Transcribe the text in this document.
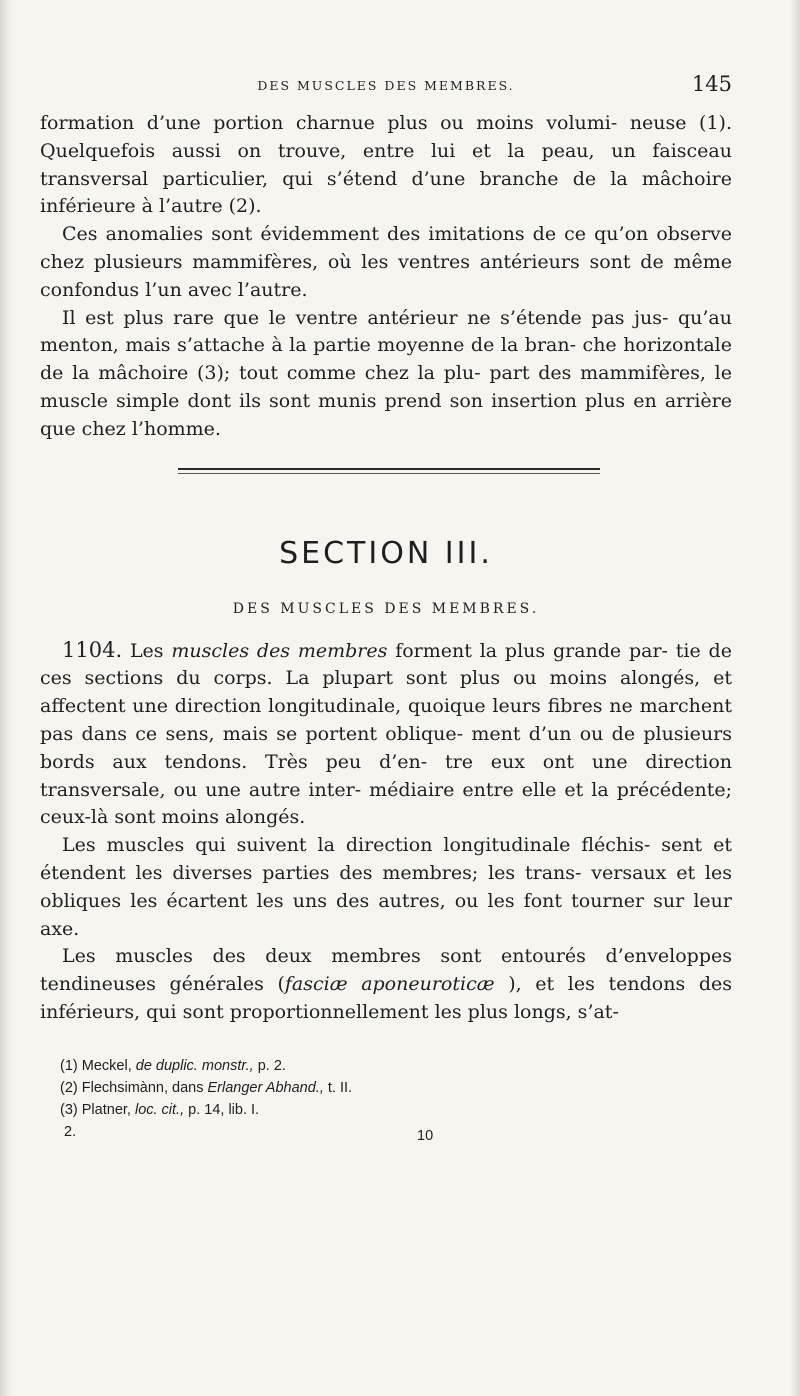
DES MUSCLES DES MEMBRES.	145

formation d’une portion charnue plus ou moins volumi- neuse (1). Quelquefois aussi on trouve, entre lui et la peau, un faisceau transversal particulier, qui s’étend d’une branche de la mâchoire inférieure à l’autre (2).

Ces anomalies sont évidemment des imitations de ce qu’on observe chez plusieurs mammifères, où les ventres antérieurs sont de même confondus l’un avec l’autre.

Il est plus rare que le ventre antérieur ne s’étende pas jus- qu’au menton, mais s’attache à la partie moyenne de la bran- che horizontale de la mâchoire (3); tout comme chez la plu- part des mammifères, le muscle simple dont ils sont munis prend son insertion plus en arrière que chez l’homme.

SECTION III.
DES MUSCLES DES MEMBRES.

1104. Les muscles des membres forment la plus grande par- tie de ces sections du corps. La plupart sont plus ou moins alongés, et affectent une direction longitudinale, quoique leurs fibres ne marchent pas dans ce sens, mais se portent oblique- ment d’un ou de plusieurs bords aux tendons. Très peu d’en- tre eux ont une direction transversale, ou une autre inter- médiaire entre elle et la précédente; ceux-là sont moins alongés.

Les muscles qui suivent la direction longitudinale fléchis- sent et étendent les diverses parties des membres; les trans- versaux et les obliques les écartent les uns des autres, ou les font tourner sur leur axe.

Les muscles des deux membres sont entourés d’enveloppes tendineuses générales (fasciæ aponeuroticæ ), et les tendons des inférieurs, qui sont proportionnellement les plus longs, s’at-

(1) Meckel, de duplic. monstr., p. 2.

(2) Flechsimànn, dans Erlanger Abhand., t. II.

(3) Platner, loc. cit., p. 14, lib. I.

2.	10
